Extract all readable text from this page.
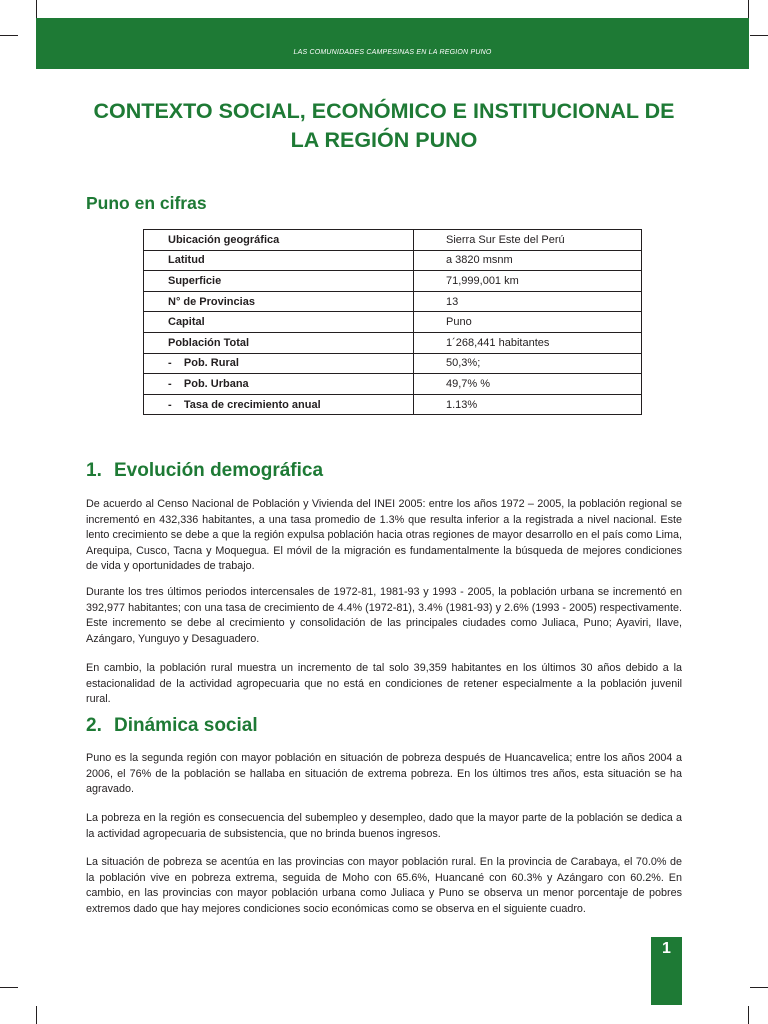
LAS COMUNIDADES CAMPESINAS EN LA REGION PUNO
CONTEXTO SOCIAL, ECONÓMICO E INSTITUCIONAL DE
LA REGIÓN PUNO
Puno en cifras
Ubicación geográfica	Sierra Sur Este del Perú
Latitud	a 3820 msnm
Superficie	71,999,001 km
N° de Provincias	13
Capital	Puno
Población Total	1´268,441 habitantes
-    Pob. Rural	50,3%;
-    Pob. Urbana	49,7% %
-    Tasa de crecimiento anual	1.13%
1. Evolución demográfica

De acuerdo al Censo Nacional de Población y Vivienda del INEI 2005: entre los años 1972 – 2005, la población regional se incrementó en 432,336 habitantes, a una tasa promedio de 1.3% que resulta inferior a la registrada a nivel nacional. Este lento crecimiento se debe a que la región expulsa población hacia otras regiones de mayor desarrollo en el país como Lima, Arequipa, Cusco, Tacna y Moquegua. El móvil de la migración es fundamentalmente la búsqueda de mejores condiciones de vida y oportunidades de trabajo.

Durante los tres últimos periodos intercensales de 1972-81, 1981-93 y 1993 - 2005, la población urbana se incrementó en 392,977 habitantes; con una tasa de crecimiento de 4.4% (1972-81), 3.4% (1981-93) y 2.6% (1993 - 2005) respectivamente. Este incremento se debe al crecimiento y consolidación de las principales ciudades como Juliaca, Puno; Ayaviri, Ilave, Azángaro, Yunguyo y Desaguadero.

En cambio, la población rural muestra un incremento de tal solo 39,359 habitantes en los últimos 30 años debido a la estacionalidad de la actividad agropecuaria que no está en condiciones de retener especialmente a la población juvenil rural.

2. Dinámica social

Puno es la segunda región con mayor población en situación de pobreza después de Huancavelica; entre los años 2004 a 2006, el 76% de la población se hallaba en situación de extrema pobreza. En los últimos tres años, esta situación se ha agravado.

La pobreza en la región es consecuencia del subempleo y desempleo, dado que la mayor parte de la población se dedica a la actividad agropecuaria de subsistencia, que no brinda buenos ingresos.

La situación de pobreza se acentúa en las provincias con mayor población rural. En la provincia de Carabaya, el 70.0% de la población vive en pobreza extrema, seguida de Moho con 65.6%, Huancané con 60.3% y Azángaro con 60.2%. En cambio, en las provincias con mayor población urbana como Juliaca y Puno se observa un menor porcentaje de pobres extremos dado que hay mejores condiciones socio económicas como se observa en el siguiente cuadro.

1
